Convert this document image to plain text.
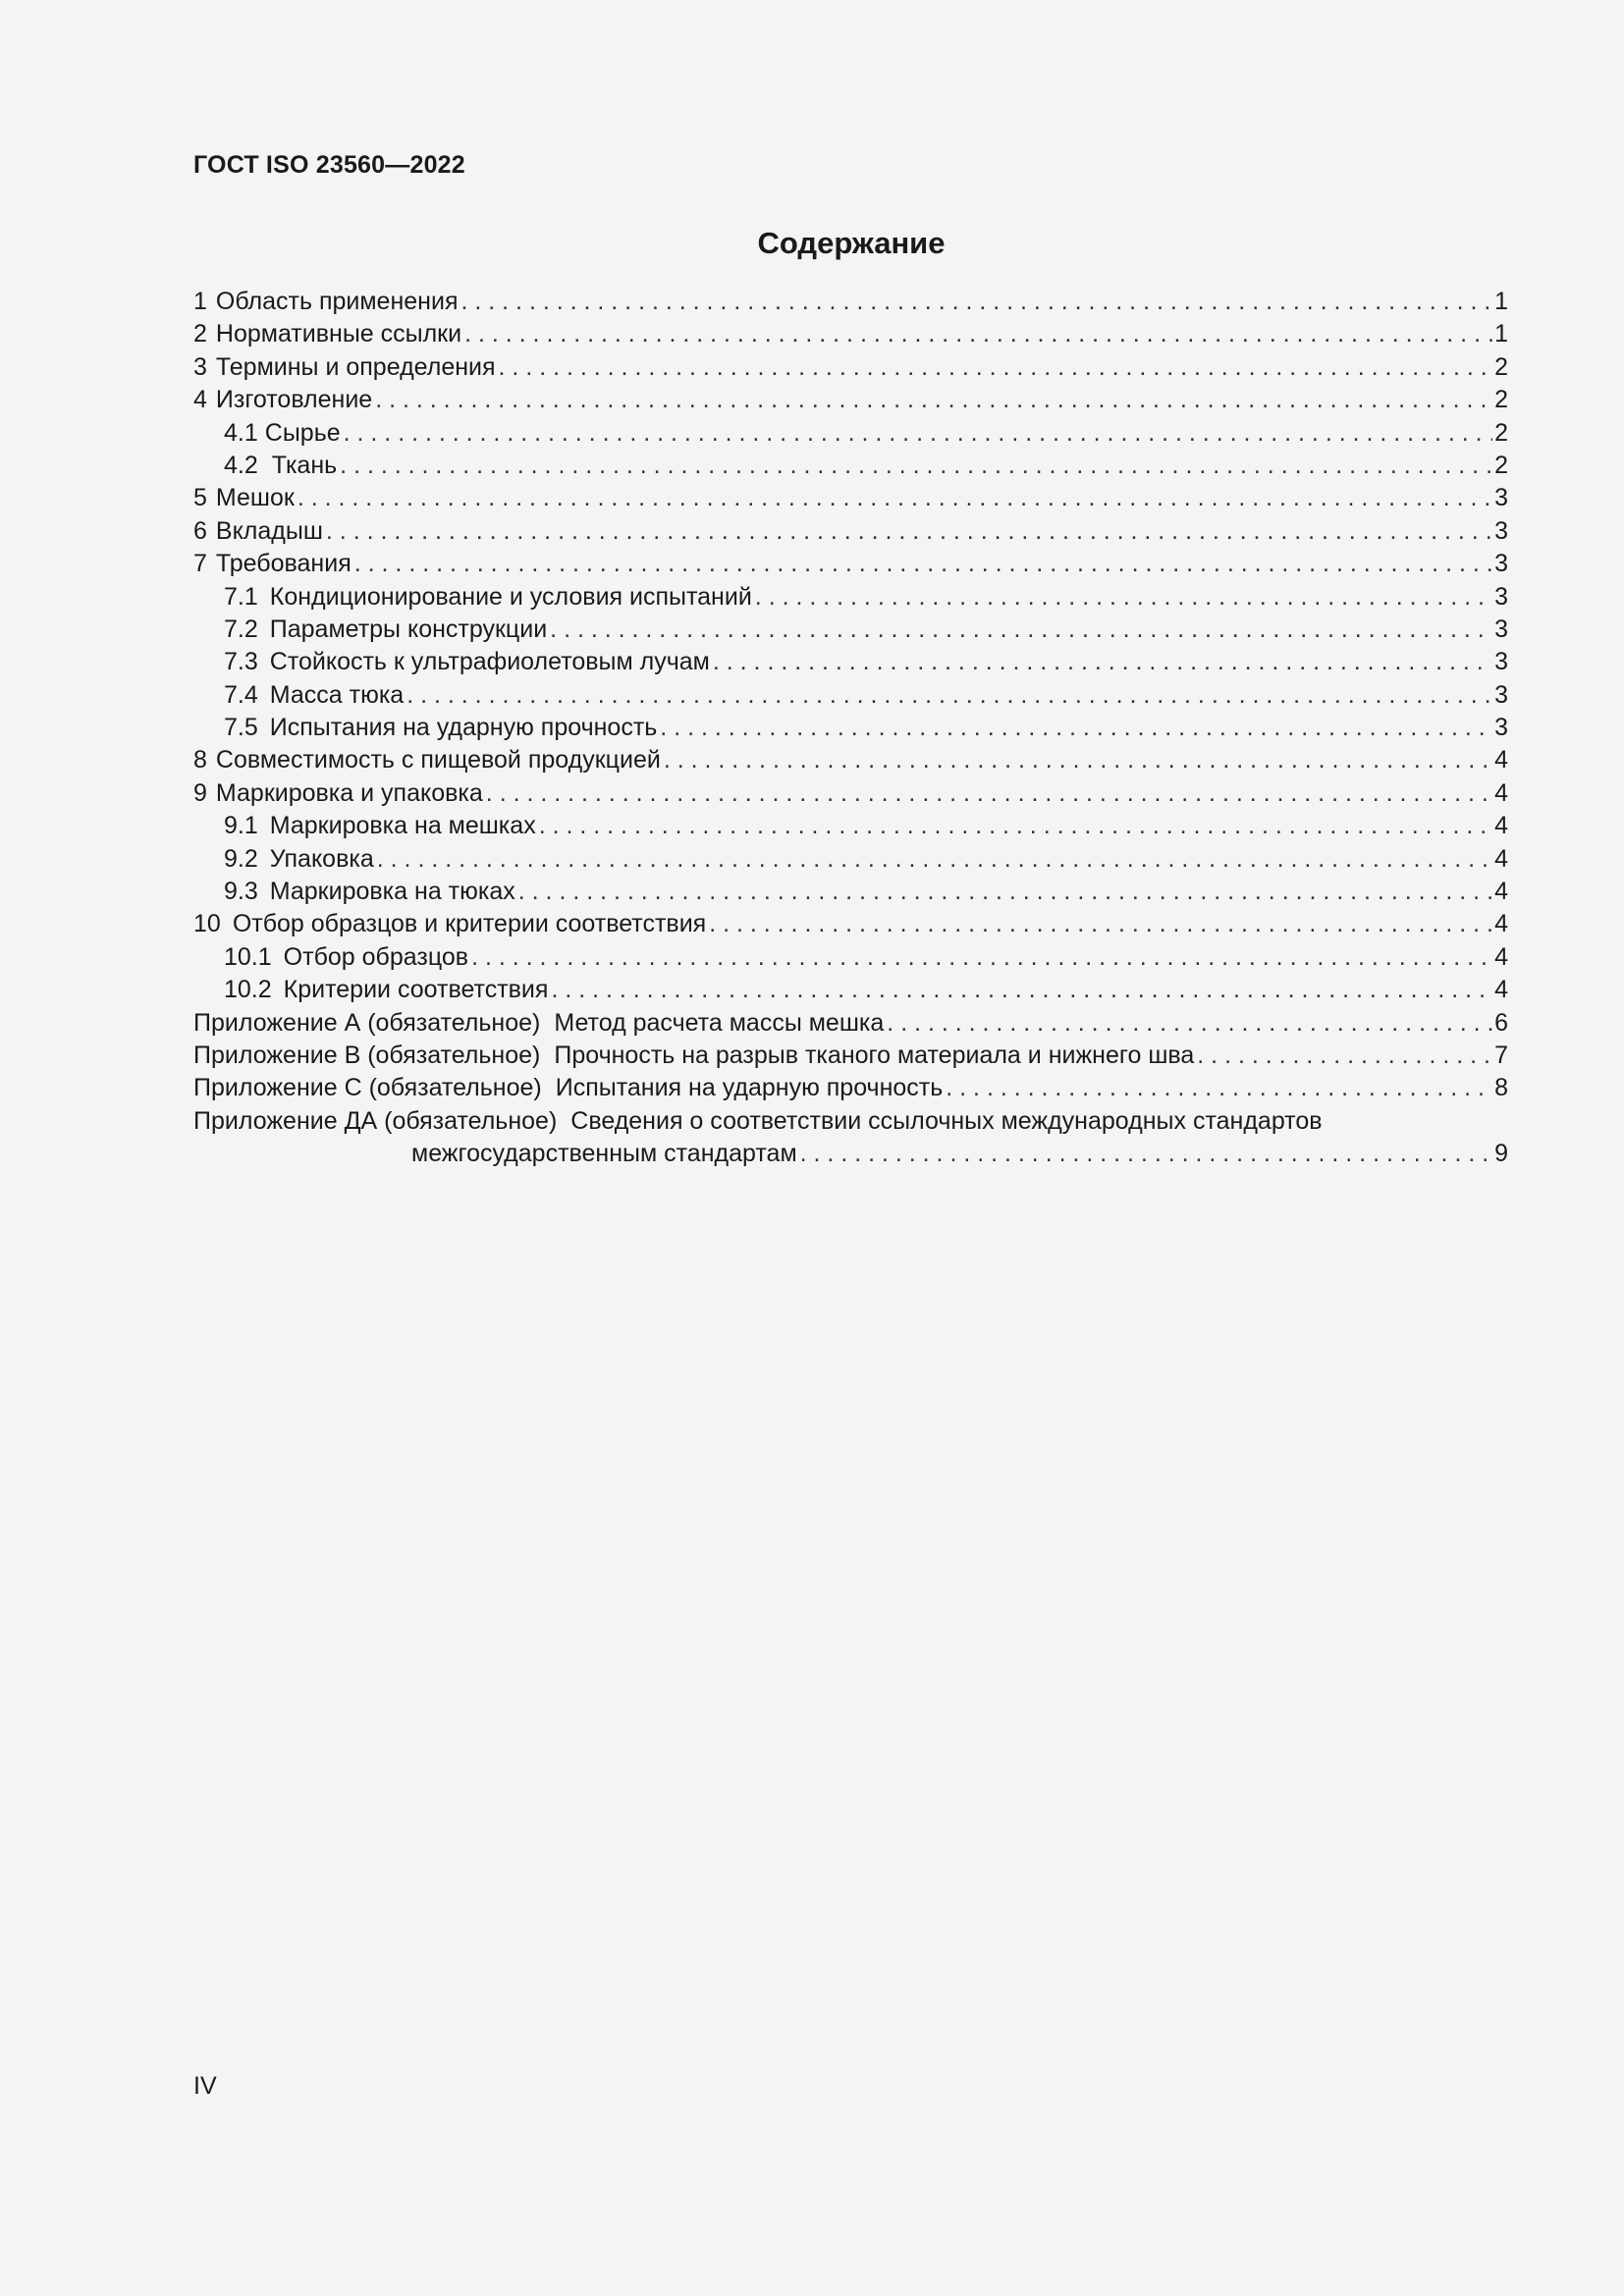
ГОСТ ISO 23560—2022
Содержание
1 Область применения . . .	1
2 Нормативные ссылки . . .	1
3 Термины и определения . . .	2
4 Изготовление . . .	2
4.1 Сырье . . .	2
4.2 Ткань . . .	2
5 Мешок . . .	3
6 Вкладыш . . .	3
7 Требования . . .	3
7.1 Кондиционирование и условия испытаний . . .	3
7.2 Параметры конструкции . . .	3
7.3 Стойкость к ультрафиолетовым лучам . . .	3
7.4 Масса тюка . . .	3
7.5 Испытания на ударную прочность . . .	3
8 Совместимость с пищевой продукцией . . .	4
9 Маркировка и упаковка . . .	4
9.1 Маркировка на мешках . . .	4
9.2 Упаковка . . .	4
9.3 Маркировка на тюках . . .	4
10 Отбор образцов и критерии соответствия . . .	4
10.1 Отбор образцов . . .	4
10.2 Критерии соответствия . . .	4
Приложение А (обязательное) Метод расчета массы мешка . . .	6
Приложение В (обязательное) Прочность на разрыв тканого материала и нижнего шва . . .	7
Приложение С (обязательное) Испытания на ударную прочность . . .	8
Приложение ДА (обязательное) Сведения о соответствии ссылочных международных стандартов
межгосударственным стандартам . . .	9
IV
